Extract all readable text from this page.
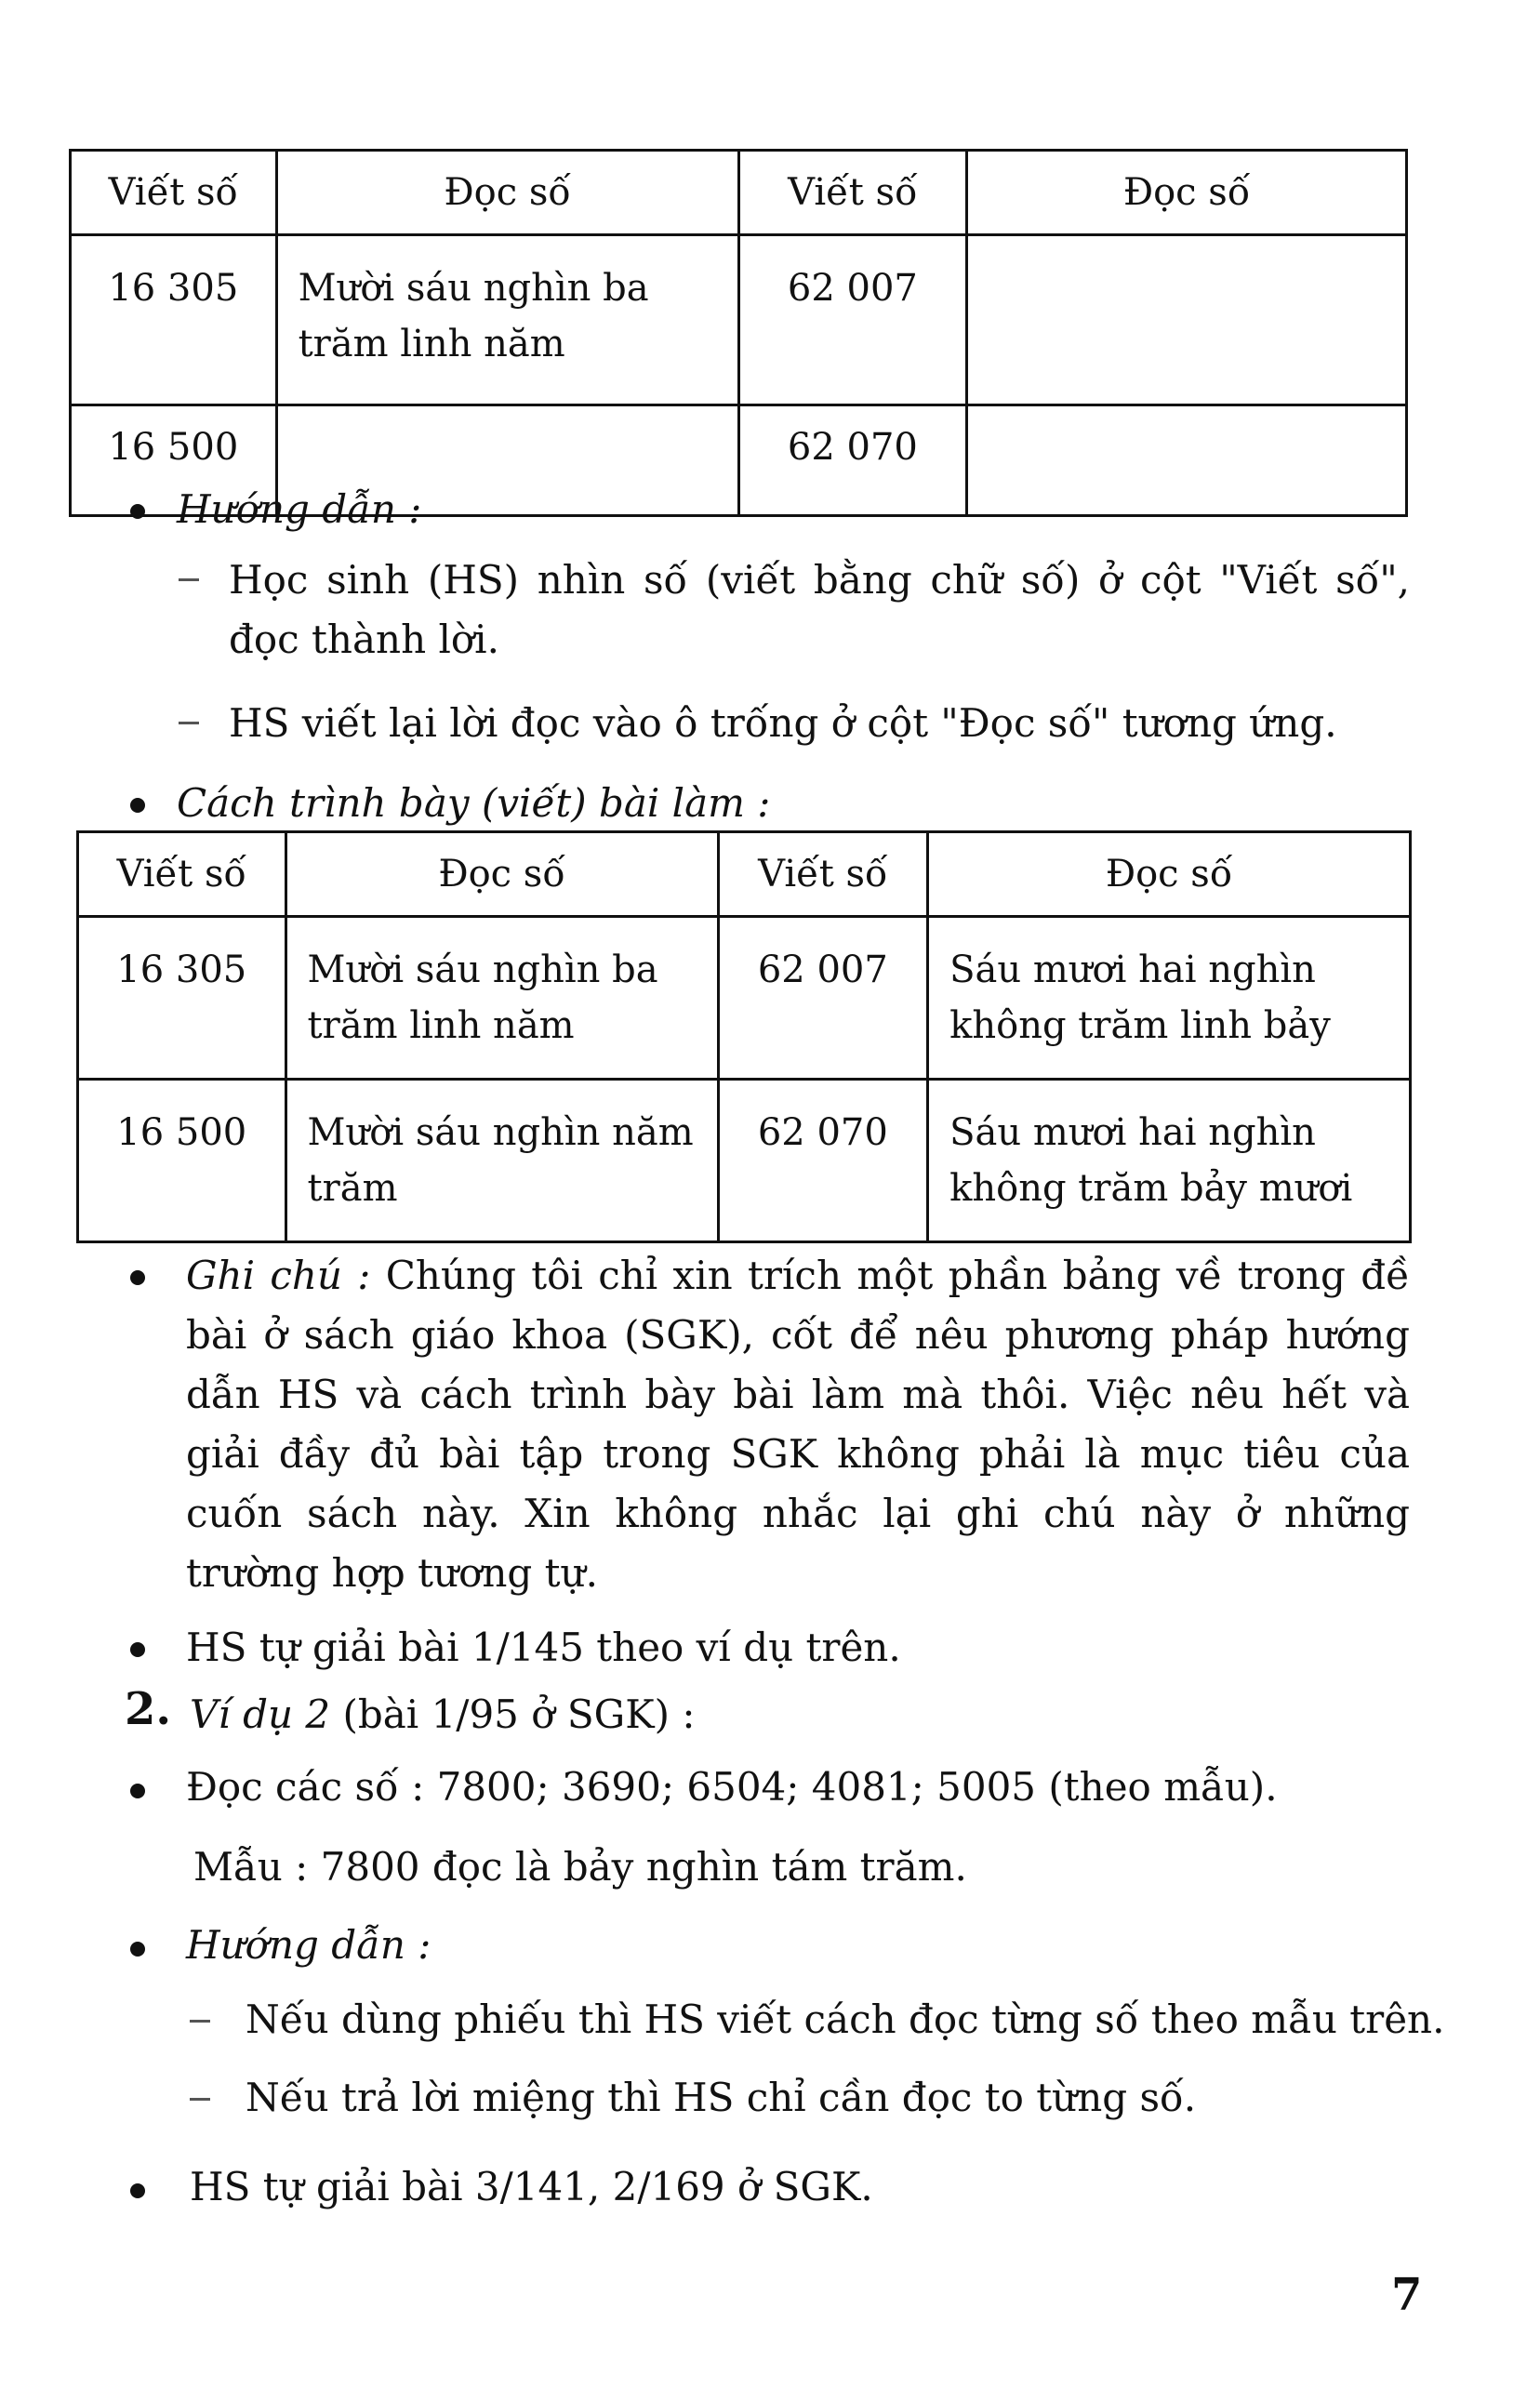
Viết số	Đọc số	Viết số	Đọc số
16 305	Mười sáu nghìn ba trăm linh năm	62 007	
16 500		62 070	
Hướng dẫn :
Học sinh (HS) nhìn số (viết bằng chữ số) ở cột "Viết số", đọc thành lời.
HS viết lại lời đọc vào ô trống ở cột "Đọc số" tương ứng.
Cách trình bày (viết) bài làm :
Viết số	Đọc số	Viết số	Đọc số
16 305	Mười sáu nghìn ba trăm linh năm	62 007	Sáu mươi hai nghìn không trăm linh bảy
16 500	Mười sáu nghìn năm trăm	62 070	Sáu mươi hai nghìn không trăm bảy mươi
Ghi chú : Chúng tôi chỉ xin trích một phần bảng về trong đề bài ở sách giáo khoa (SGK), cốt để nêu phương pháp hướng dẫn HS và cách trình bày bài làm mà thôi. Việc nêu hết và giải đầy đủ bài tập trong SGK không phải là mục tiêu của cuốn sách này. Xin không nhắc lại ghi chú này ở những trường hợp tương tự.
HS tự giải bài 1/145 theo ví dụ trên.
2. Ví dụ 2 (bài 1/95 ở SGK) :
Đọc các số : 7800; 3690; 6504; 4081; 5005 (theo mẫu).
Mẫu : 7800 đọc là bảy nghìn tám trăm.
Hướng dẫn :
Nếu dùng phiếu thì HS viết cách đọc từng số theo mẫu trên.
Nếu trả lời miệng thì HS chỉ cần đọc to từng số.
HS tự giải bài 3/141, 2/169 ở SGK.
7
